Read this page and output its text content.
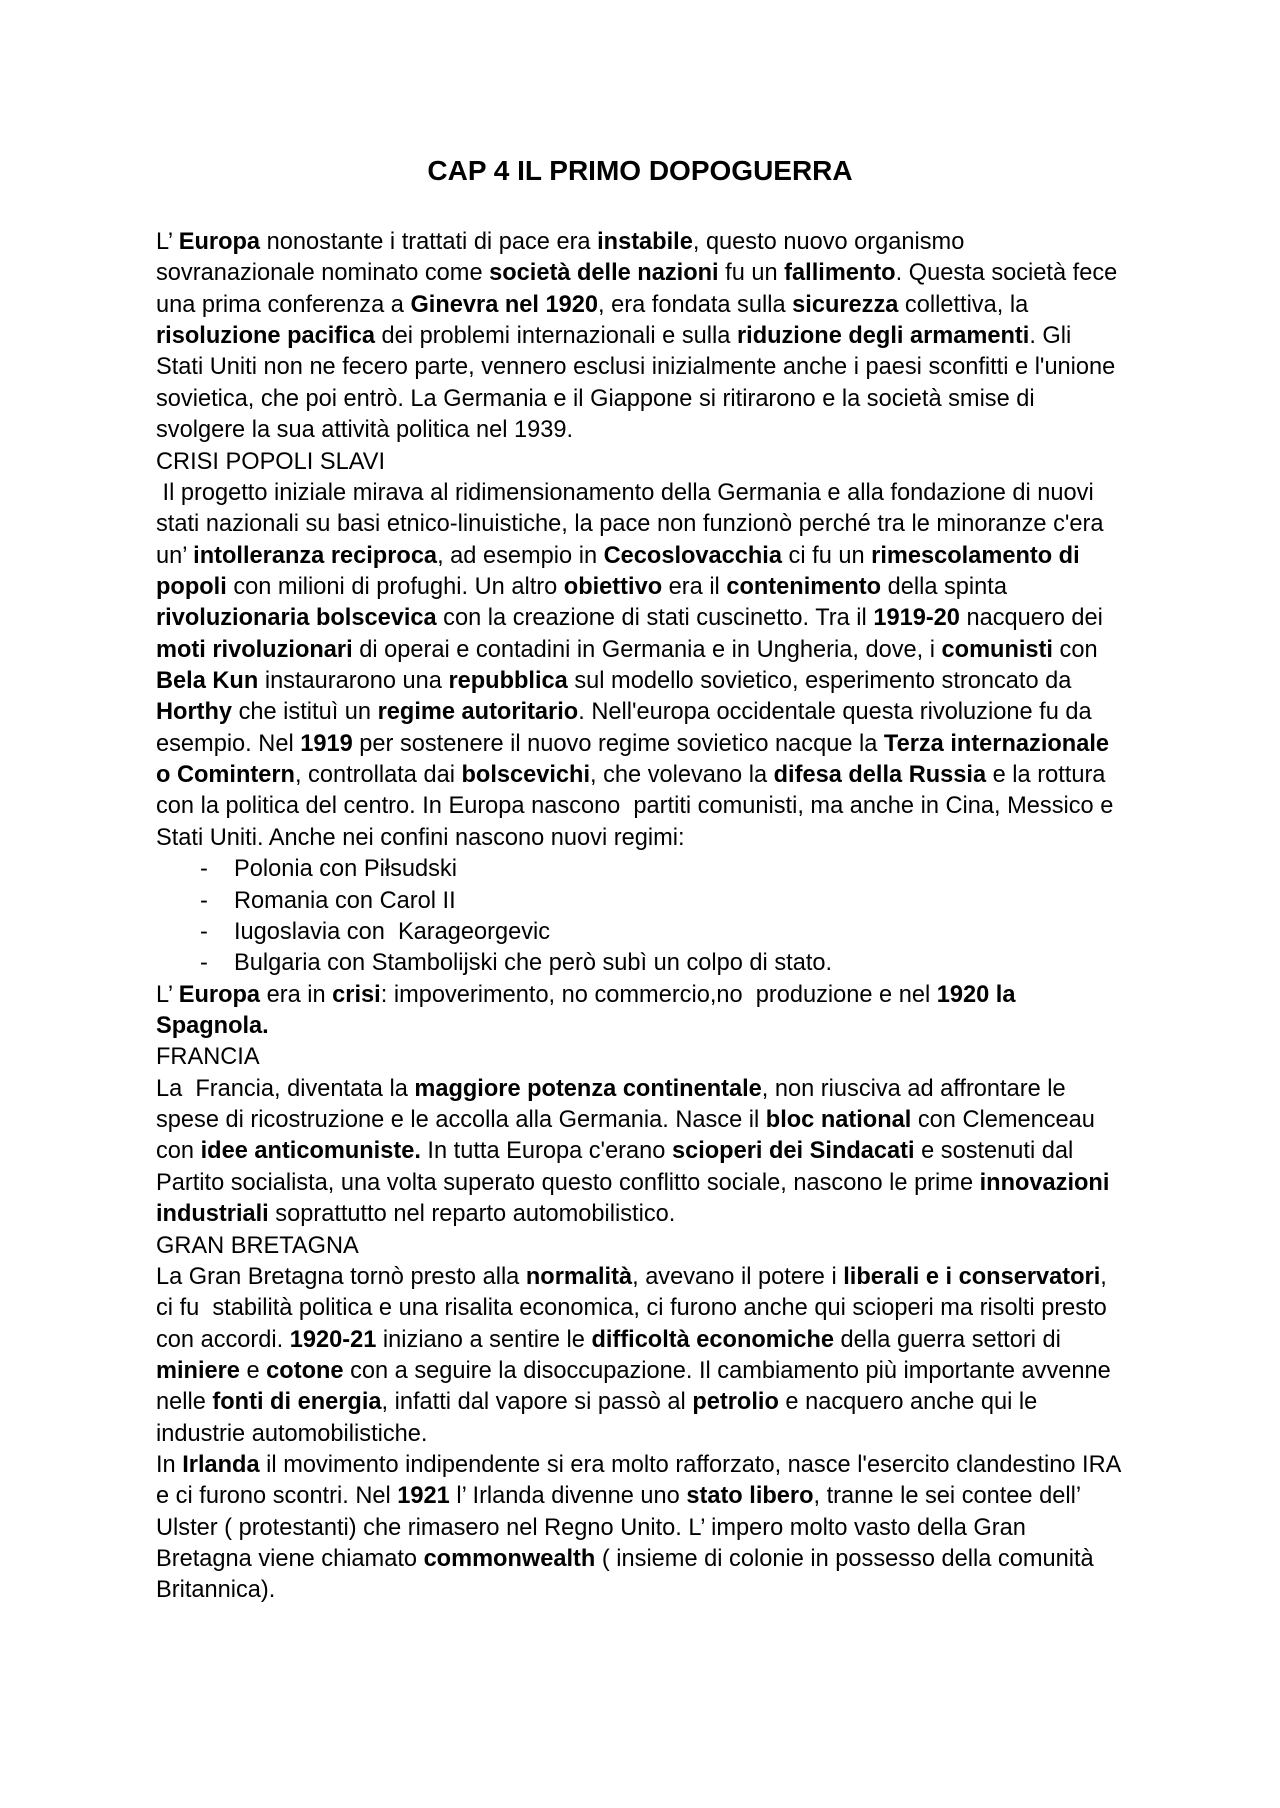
CAP 4 IL PRIMO DOPOGUERRA
L’ Europa nonostante i trattati di pace era instabile, questo nuovo organismo
sovranazionale nominato come società delle nazioni fu un fallimento. Questa società fece
una prima conferenza a Ginevra nel 1920, era fondata sulla sicurezza collettiva, la
risoluzione pacifica dei problemi internazionali e sulla riduzione degli armamenti. Gli
Stati Uniti non ne fecero parte, vennero esclusi inizialmente anche i paesi sconfitti e l'unione
sovietica, che poi entrò. La Germania e il Giappone si ritirarono e la società smise di
svolgere la sua attività politica nel 1939.
CRISI POPOLI SLAVI
Il progetto iniziale mirava al ridimensionamento della Germania e alla fondazione di nuovi
stati nazionali su basi etnico-linuistiche, la pace non funzionò perché tra le minoranze c'era
un’ intolleranza reciproca, ad esempio in Cecoslovacchia ci fu un rimescolamento di
popoli con milioni di profughi. Un altro obiettivo era il contenimento della spinta
rivoluzionaria bolscevica con la creazione di stati cuscinetto. Tra il 1919-20 nacquero dei
moti rivoluzionari di operai e contadini in Germania e in Ungheria, dove, i comunisti con
Bela Kun instaurarono una repubblica sul modello sovietico, esperimento stroncato da
Horthy che istituì un regime autoritario. Nell'europa occidentale questa rivoluzione fu da
esempio. Nel 1919 per sostenere il nuovo regime sovietico nacque la Terza internazionale
o Comintern, controllata dai bolscevichi, che volevano la difesa della Russia e la rottura
con la politica del centro. In Europa nascono  partiti comunisti, ma anche in Cina, Messico e
Stati Uniti. Anche nei confini nascono nuovi regimi:
- Polonia con Piłsudski
- Romania con Carol II
- Iugoslavia con  Karageorgevic
- Bulgaria con Stambolijski che però subì un colpo di stato.
L’ Europa era in crisi: impoverimento, no commercio,no  produzione e nel 1920 la
Spagnola.
FRANCIA
La  Francia, diventata la maggiore potenza continentale, non riusciva ad affrontare le
spese di ricostruzione e le accolla alla Germania. Nasce il bloc national con Clemenceau
con idee anticomuniste. In tutta Europa c'erano scioperi dei Sindacati e sostenuti dal
Partito socialista, una volta superato questo conflitto sociale, nascono le prime innovazioni
industriali soprattutto nel reparto automobilistico.
GRAN BRETAGNA
La Gran Bretagna tornò presto alla normalità, avevano il potere i liberali e i conservatori,
ci fu  stabilità politica e una risalita economica, ci furono anche qui scioperi ma risolti presto
con accordi. 1920-21 iniziano a sentire le difficoltà economiche della guerra settori di
miniere e cotone con a seguire la disoccupazione. Il cambiamento più importante avvenne
nelle fonti di energia, infatti dal vapore si passò al petrolio e nacquero anche qui le
industrie automobilistiche.
In Irlanda il movimento indipendente si era molto rafforzato, nasce l'esercito clandestino IRA
e ci furono scontri. Nel 1921 l’ Irlanda divenne uno stato libero, tranne le sei contee dell’
Ulster ( protestanti) che rimasero nel Regno Unito. L’ impero molto vasto della Gran
Bretagna viene chiamato commonwealth ( insieme di colonie in possesso della comunità
Britannica).
